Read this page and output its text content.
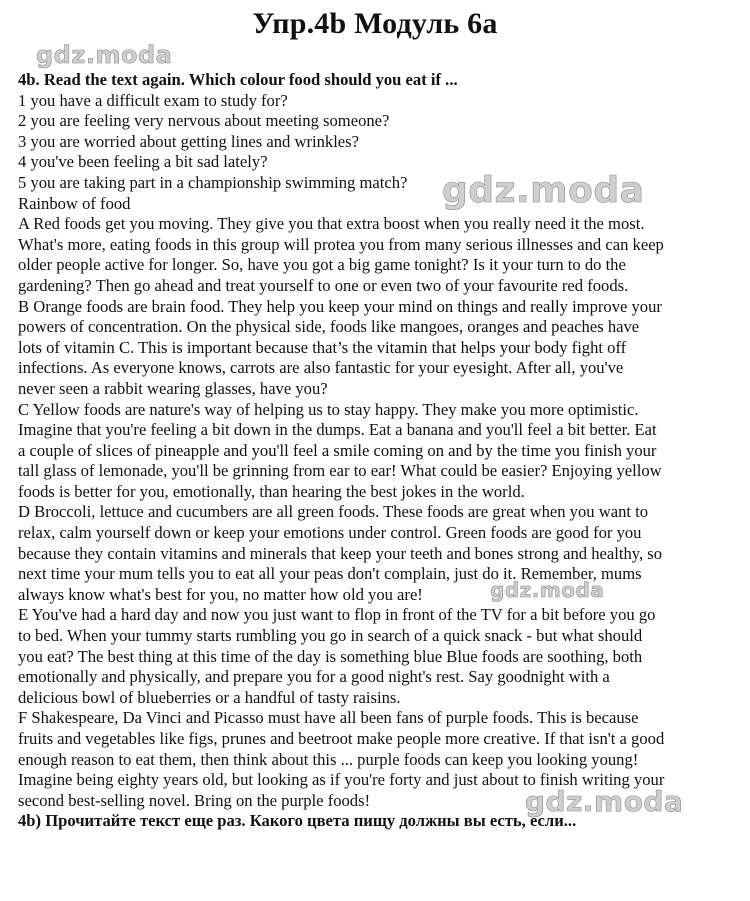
Упр.4b Модуль 6а
gdz.moda
gdz.moda
gdz.moda
gdz.moda
4b. Read the text again. Which colour food should you eat if ...
1 you have a difficult exam to study for?
2 you are feeling very nervous about meeting someone?
3 you are worried about getting lines and wrinkles?
4 you've been feeling a bit sad lately?
5 you are taking part in a championship swimming match?
Rainbow of food
A Red foods get you moving. They give you that extra boost when you really need it the most.
What's more, eating foods in this group will protea you from many serious illnesses and can keep
older people active for longer. So, have you got a big game tonight? Is it your turn to do the
gardening? Then go ahead and treat yourself to one or even two of your favourite red foods.
B Orange foods are brain food. They help you keep your mind on things and really improve your
powers of concentration. On the physical side, foods like mangoes, oranges and peaches have
lots of vitamin C. This is important because that’s the vitamin that helps your body fight off
infections. As everyone knows, carrots are also fantastic for your eyesight. After all, you've
never seen a rabbit wearing glasses, have you?
C Yellow foods are nature's way of helping us to stay happy. They make you more optimistic.
Imagine that you're feeling a bit down in the dumps. Eat a banana and you'll feel a bit better. Eat
a couple of slices of pineapple and you'll feel a smile coming on and by the time you finish your
tall glass of lemonade, you'll be grinning from ear to ear! What could be easier? Enjoying yellow
foods is better for you, emotionally, than hearing the best jokes in the world.
D Broccoli, lettuce and cucumbers are all green foods. These foods are great when you want to
relax, calm yourself down or keep your emotions under control. Green foods are good for you
because they contain vitamins and minerals that keep your teeth and bones strong and healthy, so
next time your mum tells you to eat all your peas don't complain, just do it. Remember, mums
always know what's best for you, no matter how old you are!
E You've had a hard day and now you just want to flop in front of the TV for a bit before you go
to bed. When your tummy starts rumbling you go in search of a quick snack - but what should
you eat? The best thing at this time of the day is something blue Blue foods are soothing, both
emotionally and physically, and prepare you for a good night's rest. Say goodnight with a
delicious bowl of blueberries or a handful of tasty raisins.
F Shakespeare, Da Vinci and Picasso must have all been fans of purple foods. This is because
fruits and vegetables like figs, prunes and beetroot make people more creative. If that isn't a good
enough reason to eat them, then think about this ... purple foods can keep you looking young!
Imagine being eighty years old, but looking as if you're forty and just about to finish writing your
second best-selling novel. Bring on the purple foods!
4b) Прочитайте текст еще раз. Какого цвета пищу должны вы есть, если...
